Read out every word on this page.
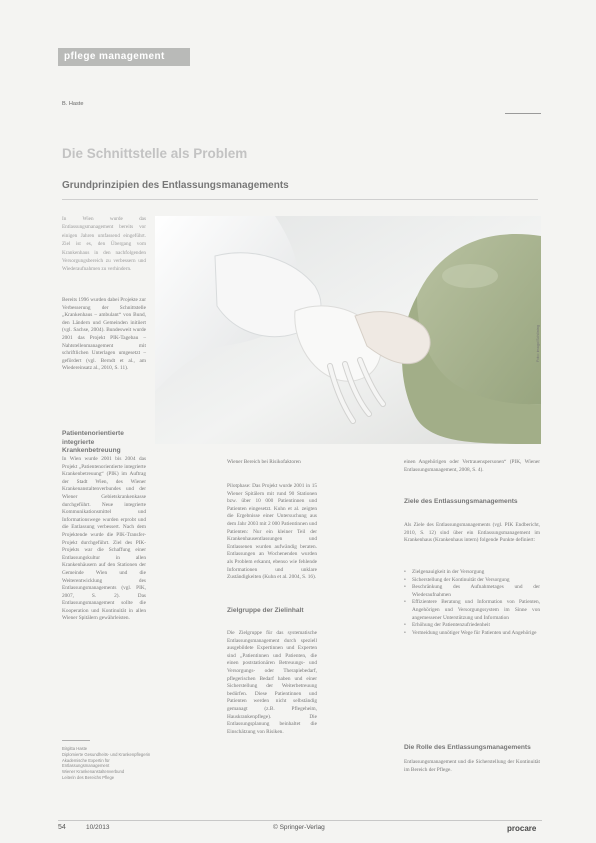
pflege management
B. Haste
Die Schnittstelle als Problem
Grundprinzipien des Entlassungsmanagements

In Wien wurde das Entlassungsmanagement bereits vor einigen Jahren umfassend eingeführt. Ziel ist es, den Übergang vom Krankenhaus in den nachfolgenden Versorgungsbereich zu verbessern und Wiederaufnahmen zu verhindern.

Bereits 1996 wurden dabei Projekte zur Verbesserung der Schnittstelle „Krankenhaus – ambulant“ von Bund, den Ländern und Gemeinden initiiert (vgl. Sachse, 2004). Bundesweit wurde 2001 das Projekt PIK-Tagebau – Nahtstellenmanagement mit schriftlichen Unterlagen umgesetzt – gefördert (vgl. Berndt et al., am Wiedereinsatz al., 2010, S. 11).

Patientenorientierte integrierte Krankenbetreuung

In Wien wurde 2001 bis 2004 das Projekt „Patientenorientierte integrierte Krankenbetreuung“ (PIK) im Auftrag der Stadt Wien, des Wiener Krankenanstaltenverbundes und der Wiener Gebietskrankenkasse durchgeführt. Neue integrierte Kommunikationsmittel und Informationswege wurden erprobt und die Entlassung verbessert. Nach dem Projektende wurde die PIK-Transfer-Projekt durchgeführt. Ziel des PIK-Projekts war die Schaffung einer Entlassungskultur in allen Krankenhäusern auf den Stationen der Gemeinde Wien und die Weiterentwicklung des Entlassungsmanagements (vgl. PIK, 2007, S. 2). Das Entlassungsmanagement sollte die Kooperation und Kontinuität in allen Wiener Spitälern gewährleisten.

Foto: imago/Schöning

Wiener Bereich bei Risikofaktoren

Pilotphase: Das Projekt wurde 2001 in 15 Wiener Spitälern mit rund 90 Stationen bzw. über 10 000 Patientinnen und Patienten eingesetzt. Kuhn et al. zeigten die Ergebnisse einer Untersuchung aus dem Jahr 2003 mit 2 000 Patientinnen und Patienten: Nur ein kleiner Teil der Krankenhausentlassungen und Entlassenen wurden aufwändig beraten. Entlassungen an Wochenenden wurden als Problem erkannt, ebenso wie fehlende Informationen und unklare Zuständigkeiten (Kuhn et al. 2004, S. 16).

Zielgruppe der Zielinhalt

Die Zielgruppe für das systematische Entlassungsmanagement durch speziell ausgebildete Expertinnen und Experten sind „Patientinnen und Patienten, die einen poststationären Betreuungs- und Versorgungs- oder Therapiebedarf, pflegerischen Bedarf haben und einer Sicherstellung der Weiterbetreuung bedürfen. Diese Patientinnen und Patienten werden nicht selbständig gemanagt (z.B. Pflegeheim, Hauskrankenpflege). Die Entlassungsplanung beinhaltet die Einschätzung von Risiken.

einen Angehörigen oder Vertrauenspersonen“ (PIK, Wiener Entlassungsmanagement, 2008, S. 4).

Ziele des Entlassungsmanagements

Als Ziele des Entlassungsmanagements (vgl. PIK Endbericht, 2010, S. 12) sind über ein Entlassungsmanagement im Krankenhaus (Krankenhaus intern) folgende Punkte definiert:

• Zielgenauigkeit in der Versorgung
• Sicherstellung der Kontinuität der Versorgung
• Beschränkung des Aufnahmetages und der Wiederaufnahmen
• Effizientere Beratung und Information von Patienten, Angehörigen und Versorgungssystem im Sinne von angemessener Unterstützung und Information
• Erhöhung der Patientenzufriedenheit
• Vermeidung unnötiger Wege für Patienten und Angehörige
Die Rolle des Entlassungsmanagements

Entlassungsmanagement und die Sicherstellung der Kontinuität im Bereich der Pflege.

Birgitta Haste
Diplomierte Gesundheits- und Krankenpflegerin
Akademische Expertin für Entlassungsmanagement
Wiener Krankenanstaltenverbund
Leiterin des Bereichs Pflege
54	10/2013	© Springer-Verlag	procare
